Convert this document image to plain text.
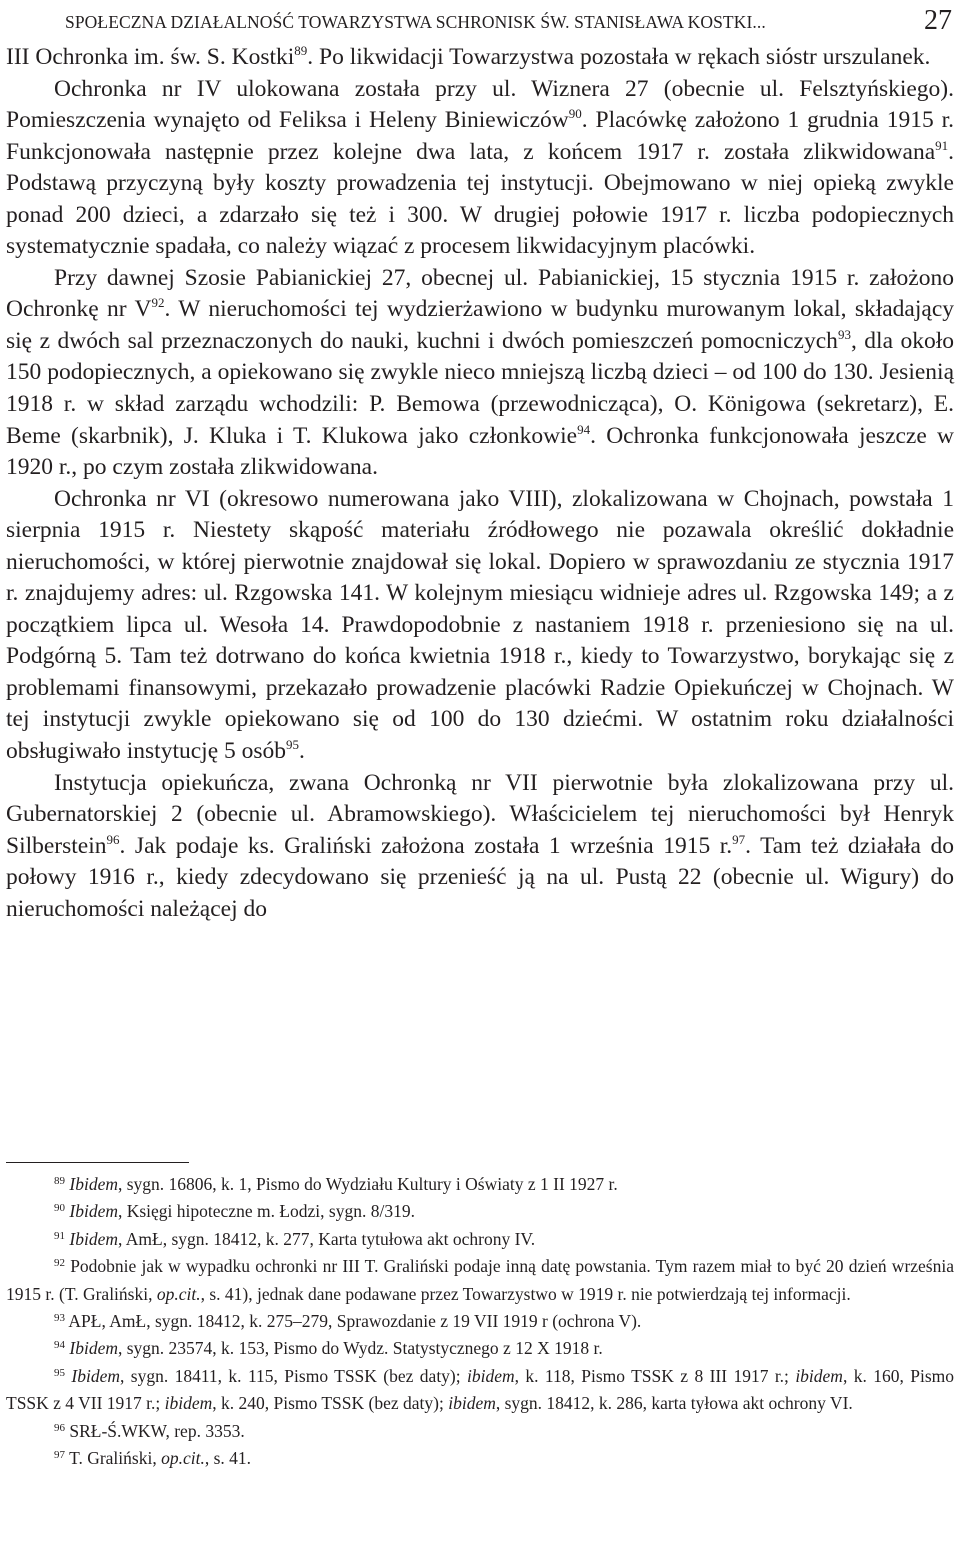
SPOŁECZNA DZIAŁALNOŚĆ TOWARZYSTWA SCHRONISK ŚW. STANISŁAWA KOSTKI...	27

III Ochronka im. św. S. Kostki$^{89}$. Po likwidacji Towarzystwa pozostała w rękach sióstr urszulanek.

Ochronka nr IV ulokowana została przy ul. Wiznera 27 (obecnie ul. Felsztyńskiego). Pomieszczenia wynajęto od Feliksa i Heleny Biniewiczów$^{90}$. Placówkę założono 1 grudnia 1915 r. Funkcjonowała następnie przez kolejne dwa lata, z końcem 1917 r. została zlikwidowana$^{91}$. Podstawą przyczyną były koszty prowadzenia tej instytucji. Obejmowano w niej opieką zwykle ponad 200 dzieci, a zdarzało się też i 300. W drugiej połowie 1917 r. liczba podopiecznych systematycznie spadała, co należy wiązać z procesem likwidacyjnym placówki.

Przy dawnej Szosie Pabianickiej 27, obecnej ul. Pabianickiej, 15 stycznia 1915 r. założono Ochronkę nr $V^{92}$. W nieruchomości tej wydzierżawiono w budynku murowanym lokal, składający się z dwóch sal przeznaczonych do nauki, kuchni i dwóch pomieszczeń pomocniczych$^{93}$, dla około 150 podopiecznych, a opiekowano się zwykle nieco mniejszą liczbą dzieci – od 100 do 130. Jesienią 1918 r. w skład zarządu wchodzili: P. Bemowa (przewodnicząca), O. Königowa (sekretarz), E. Beme (skarbnik), J. Kluka i T. Klukowa jako członkowie$^{94}$. Ochronka funkcjonowała jeszcze w 1920 r., po czym została zlikwidowana.

Ochronka nr VI (okresowo numerowana jako VIII), zlokalizowana w Chojnach, powstała 1 sierpnia 1915 r. Niestety skąpość materiału źródłowego nie pozawala określić dokładnie nieruchomości, w której pierwotnie znajdował się lokal. Dopiero w sprawozdaniu ze stycznia 1917 r. znajdujemy adres: ul. Rzgowska 141. W kolejnym miesiącu widnieje adres ul. Rzgowska 149; a z początkiem lipca ul. Wesoła 14. Prawdopodobnie z nastaniem 1918 r. przeniesiono się na ul. Podgórną 5. Tam też dotrwano do końca kwietnia 1918 r., kiedy to Towarzystwo, borykając się z problemami finansowymi, przekazało prowadzenie placówki Radzie Opiekuńczej w Chojnach. W tej instytucji zwykle opiekowano się od 100 do 130 dziećmi. W ostatnim roku działalności obsługiwało instytucję 5 osób$^{95}$.

Instytucja opiekuńcza, zwana Ochronką nr VII pierwotnie była zlokalizowana przy ul. Gubernatorskiej 2 (obecnie ul. Abramowskiego). Właścicielem tej nieruchomości był Henryk Silberstein$^{96}$. Jak podaje ks. Graliński założona została 1 września 1915 r.$^{97}$. Tam też działała do połowy 1916 r., kiedy zdecydowano się przenieść ją na ul. Pustą 22 (obecnie ul. Wigury) do nieruchomości należącej do

$^{89}$ Ibidem, sygn. 16806, k. 1, Pismo do Wydziału Kultury i Oświaty z 1 II 1927 r.

$^{90}$ Ibidem, Księgi hipoteczne m. Łodzi, sygn. 8/319.

$^{91}$ Ibidem, AmŁ, sygn. 18412, k. 277, Karta tytułowa akt ochrony IV.

$^{92}$ Podobnie jak w wypadku ochronki nr III T. Graliński podaje inną datę powstania. Tym razem miał to być 20 dzień września 1915 r. (T. Graliński, op.cit., s. 41), jednak dane podawane przez Towarzystwo w 1919 r. nie potwierdzają tej informacji.

$^{93}$ APŁ, AmŁ, sygn. 18412, k. 275–279, Sprawozdanie z 19 VII 1919 r (ochrona V).

$^{94}$ Ibidem, sygn. 23574, k. 153, Pismo do Wydz. Statystycznego z 12 X 1918 r.

$^{95}$ Ibidem, sygn. 18411, k. 115, Pismo TSSK (bez daty); ibidem, k. 118, Pismo TSSK z 8 III 1917 r.; ibidem, k. 160, Pismo TSSK z 4 VII 1917 r.; ibidem, k. 240, Pismo TSSK (bez daty); ibidem, sygn. 18412, k. 286, karta tyłowa akt ochrony VI.

$^{96}$ SRŁ-Ś.WKW, rep. 3353.

$^{97}$ T. Graliński, op.cit., s. 41.
